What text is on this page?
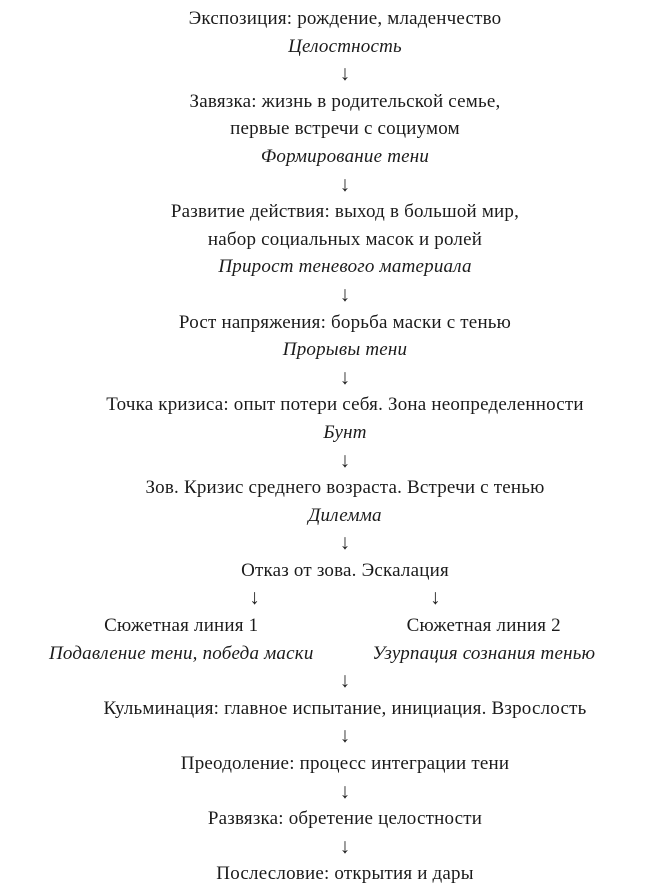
Экспозиция: рождение, младенчество
Целостность
↓
Завязка: жизнь в родительской семье,
первые встречи с социумом
Формирование тени
↓
Развитие действия: выход в большой мир,
набор социальных масок и ролей
Прирост теневого материала
↓
Рост напряжения: борьба маски с тенью
Прорывы тени
↓
Точка кризиса: опыт потери себя. Зона неопределенности
Бунт
↓
Зов. Кризис среднего возраста. Встречи с тенью
Дилемма
↓
Отказ от зова. Эскалация
↓	↓
Сюжетная линия 1
Подавление тени, победа маски
Сюжетная линия 2
Узурпация сознания тенью
↓
Кульминация: главное испытание, инициация. Взрослость
↓
Преодоление: процесс интеграции тени
↓
Развязка: обретение целостности
↓
Послесловие: открытия и дары
